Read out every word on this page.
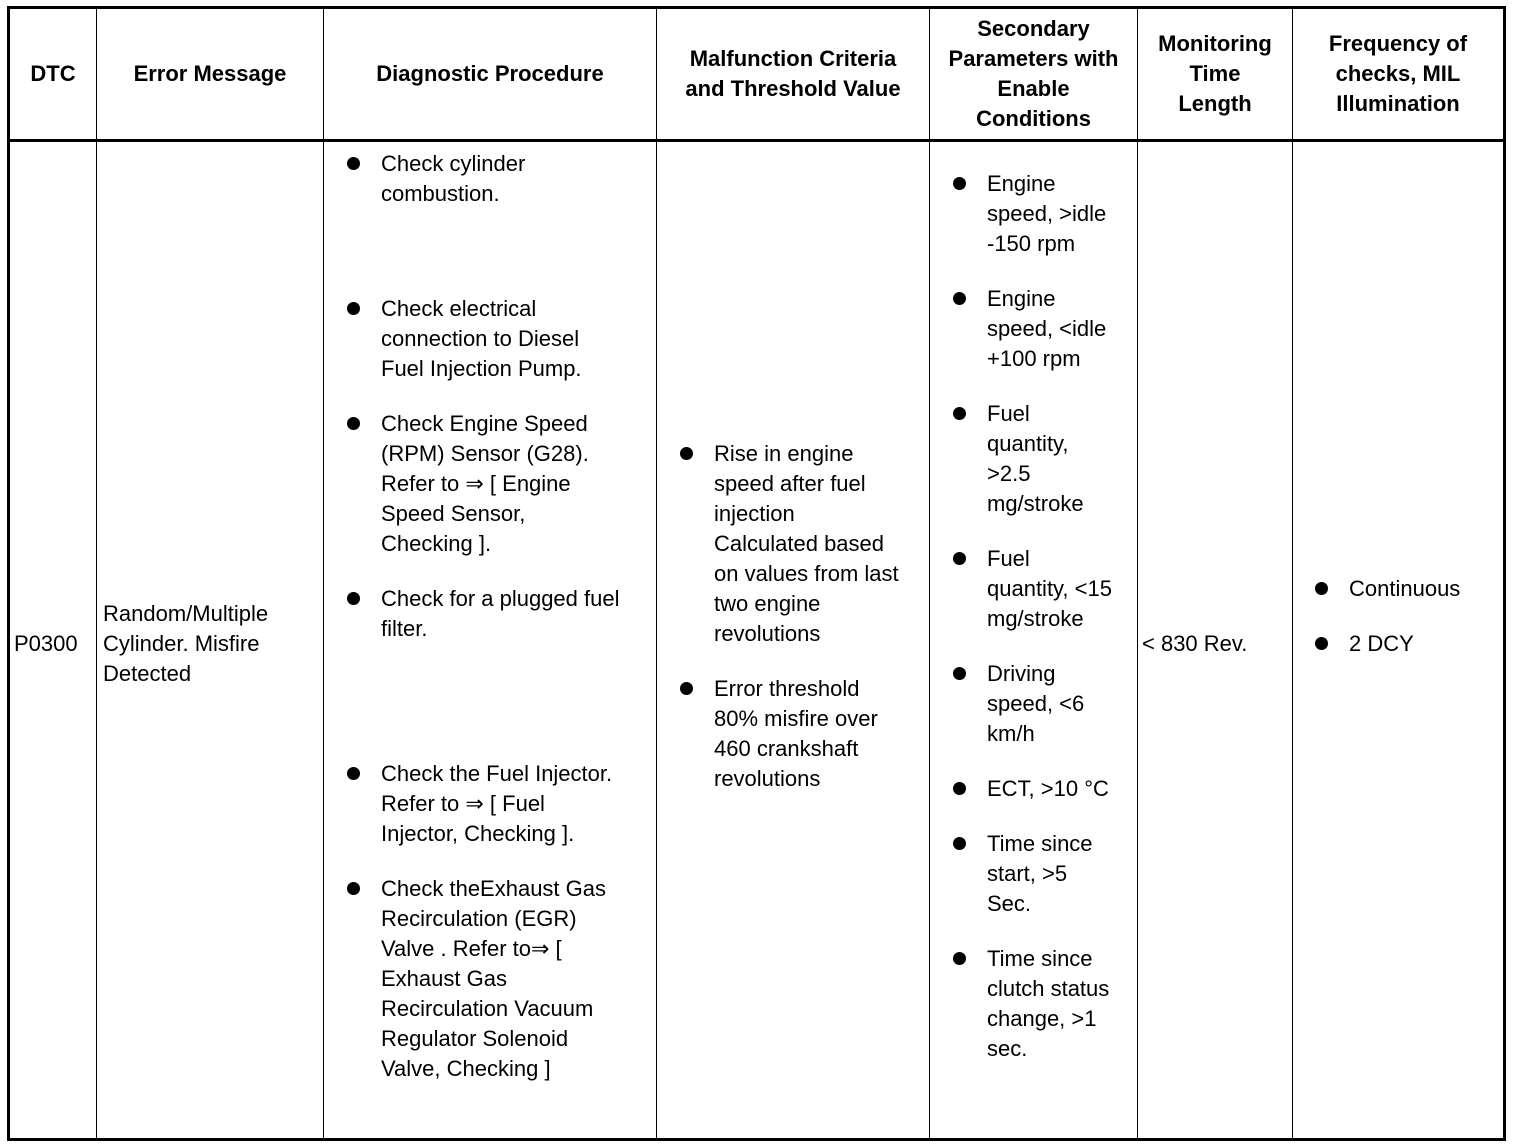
DTC	Error Message	Diagnostic Procedure
Malfunction Criteria
and Threshold Value
Secondary
Parameters with
Enable
Conditions
Monitoring
Time
Length
Frequency of
checks, MIL
Illumination
P0300
Random/Multiple
Cylinder. Misfire
Detected
Check cylinder
combustion.
Check electrical
connection to Diesel
Fuel Injection Pump.
Check Engine Speed
(RPM) Sensor (G28).
Refer to ⇒ [ Engine
Speed Sensor,
Checking ].
Check for a plugged fuel
filter.
Check the Fuel Injector.
Refer to ⇒ [ Fuel
Injector, Checking ].
Check theExhaust Gas
Recirculation (EGR)
Valve . Refer to⇒ [
Exhaust Gas
Recirculation Vacuum
Regulator Solenoid
Valve, Checking ]
Rise in engine
speed after fuel
injection
Calculated based
on values from last
two engine
revolutions
Error threshold
80% misfire over
460 crankshaft
revolutions
Engine
speed, >idle
-150 rpm
Engine
speed, <idle
+100 rpm
Fuel
quantity,
>2.5
mg/stroke
Fuel
quantity, <15
mg/stroke
Driving
speed, <6
km/h
ECT, >10 °C
Time since
start, >5
Sec.
Time since
clutch status
change, >1
sec.
< 830 Rev.
Continuous
2 DCY
